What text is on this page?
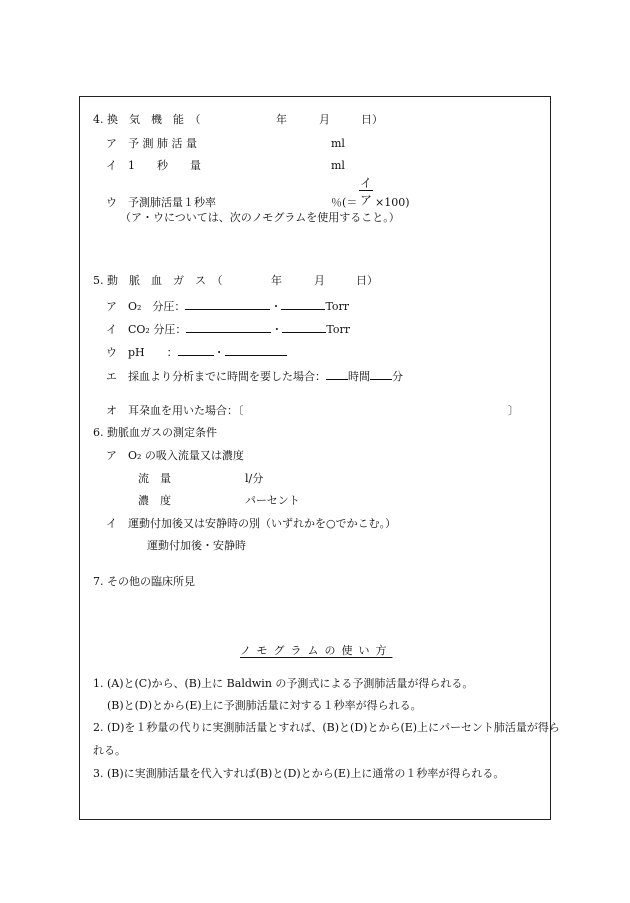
4. 換　気　機　能　（	年	月	日）
ア　予 測 肺 活 量	ml
イ　1　　秒　　量	ml
ウ　予測肺活量１秒率	％(＝
イ
ア ×100)
（ア・ウについては、次のノモグラムを使用すること。）
5. 動　脈　血　ガ　ス　（	年	月	日）
ア　O₂　分圧：	・	Torr
イ　CO₂ 分圧：	・	Torr
ウ　pH　　：	・
エ　採血より分析までに時間を要した場合： 時間 分
オ　耳朶血を用いた場合：〔	〕
6. 動脈血ガスの測定条件
ア　O₂ の吸入流量又は濃度
流　量	l/分
濃　度	パーセント
イ　運動付加後又は安静時の別（いずれかを○でかこむ。）
運動付加後・安静時
7. その他の臨床所見
ノモグラムの使い方
1. (A)と(C)から、(B)上に Baldwin の予測式による予測肺活量が得られる。
(B)と(D)とから(E)上に予測肺活量に対する１秒率が得られる。
2. (D)を１秒量の代りに実測肺活量とすれば、(B)と(D)とから(E)上にパーセント肺活量が得ら
れる。
3. (B)に実測肺活量を代入すれば(B)と(D)とから(E)上に通常の１秒率が得られる。
